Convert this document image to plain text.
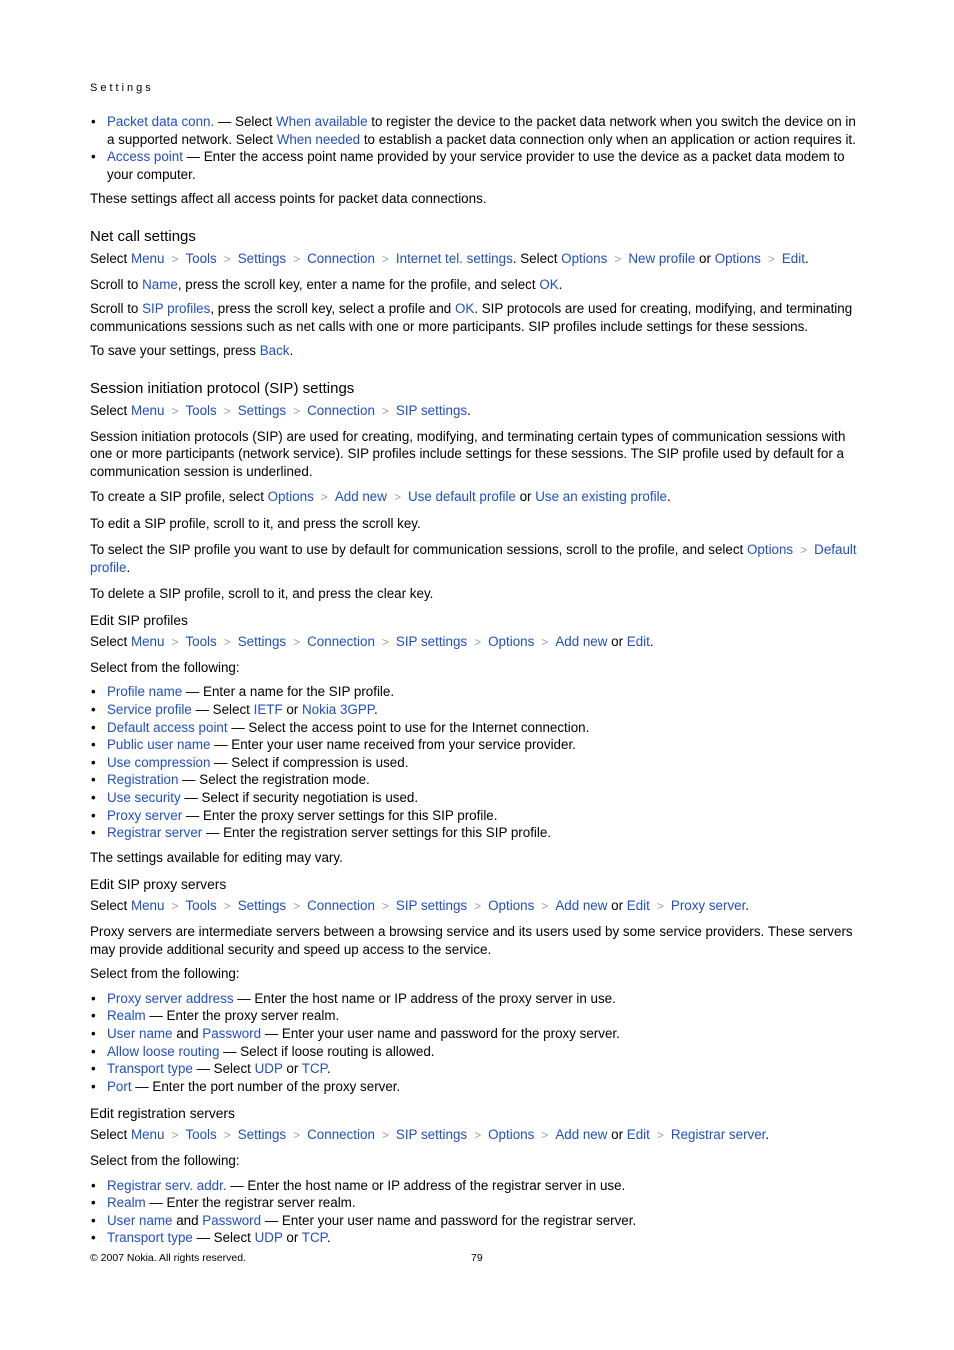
Settings
• Packet data conn. — Select When available to register the device to the packet data network when you switch the device on in a supported network. Select When needed to establish a packet data connection only when an application or action requires it.
• Access point — Enter the access point name provided by your service provider to use the device as a packet data modem to your computer.

These settings affect all access points for packet data connections.

Net call settings

Select Menu > Tools > Settings > Connection > Internet tel. settings. Select Options > New profile or Options > Edit.

Scroll to Name, press the scroll key, enter a name for the profile, and select OK.

Scroll to SIP profiles, press the scroll key, select a profile and OK. SIP protocols are used for creating, modifying, and terminating communications sessions such as net calls with one or more participants. SIP profiles include settings for these sessions.

To save your settings, press Back.

Session initiation protocol (SIP) settings

Select Menu > Tools > Settings > Connection > SIP settings.

Session initiation protocols (SIP) are used for creating, modifying, and terminating certain types of communication sessions with one or more participants (network service). SIP profiles include settings for these sessions. The SIP profile used by default for a communication session is underlined.

To create a SIP profile, select Options > Add new > Use default profile or Use an existing profile.

To edit a SIP profile, scroll to it, and press the scroll key.

To select the SIP profile you want to use by default for communication sessions, scroll to the profile, and select Options > Default profile.

To delete a SIP profile, scroll to it, and press the clear key.

Edit SIP profiles

Select Menu > Tools > Settings > Connection > SIP settings > Options > Add new or Edit.

Select from the following:

• Profile name — Enter a name for the SIP profile.
• Service profile — Select IETF or Nokia 3GPP.
• Default access point — Select the access point to use for the Internet connection.
• Public user name — Enter your user name received from your service provider.
• Use compression — Select if compression is used.
• Registration — Select the registration mode.
• Use security — Select if security negotiation is used.
• Proxy server — Enter the proxy server settings for this SIP profile.
• Registrar server — Enter the registration server settings for this SIP profile.

The settings available for editing may vary.

Edit SIP proxy servers

Select Menu > Tools > Settings > Connection > SIP settings > Options > Add new or Edit > Proxy server.

Proxy servers are intermediate servers between a browsing service and its users used by some service providers. These servers may provide additional security and speed up access to the service.

Select from the following:

• Proxy server address — Enter the host name or IP address of the proxy server in use.
• Realm — Enter the proxy server realm.
• User name and Password — Enter your user name and password for the proxy server.
• Allow loose routing — Select if loose routing is allowed.
• Transport type — Select UDP or TCP.
• Port — Enter the port number of the proxy server.
Edit registration servers

Select Menu > Tools > Settings > Connection > SIP settings > Options > Add new or Edit > Registrar server.

Select from the following:

• Registrar serv. addr. — Enter the host name or IP address of the registrar server in use.
• Realm — Enter the registrar server realm.
• User name and Password — Enter your user name and password for the registrar server.
• Transport type — Select UDP or TCP.
© 2007 Nokia. All rights reserved.	79
